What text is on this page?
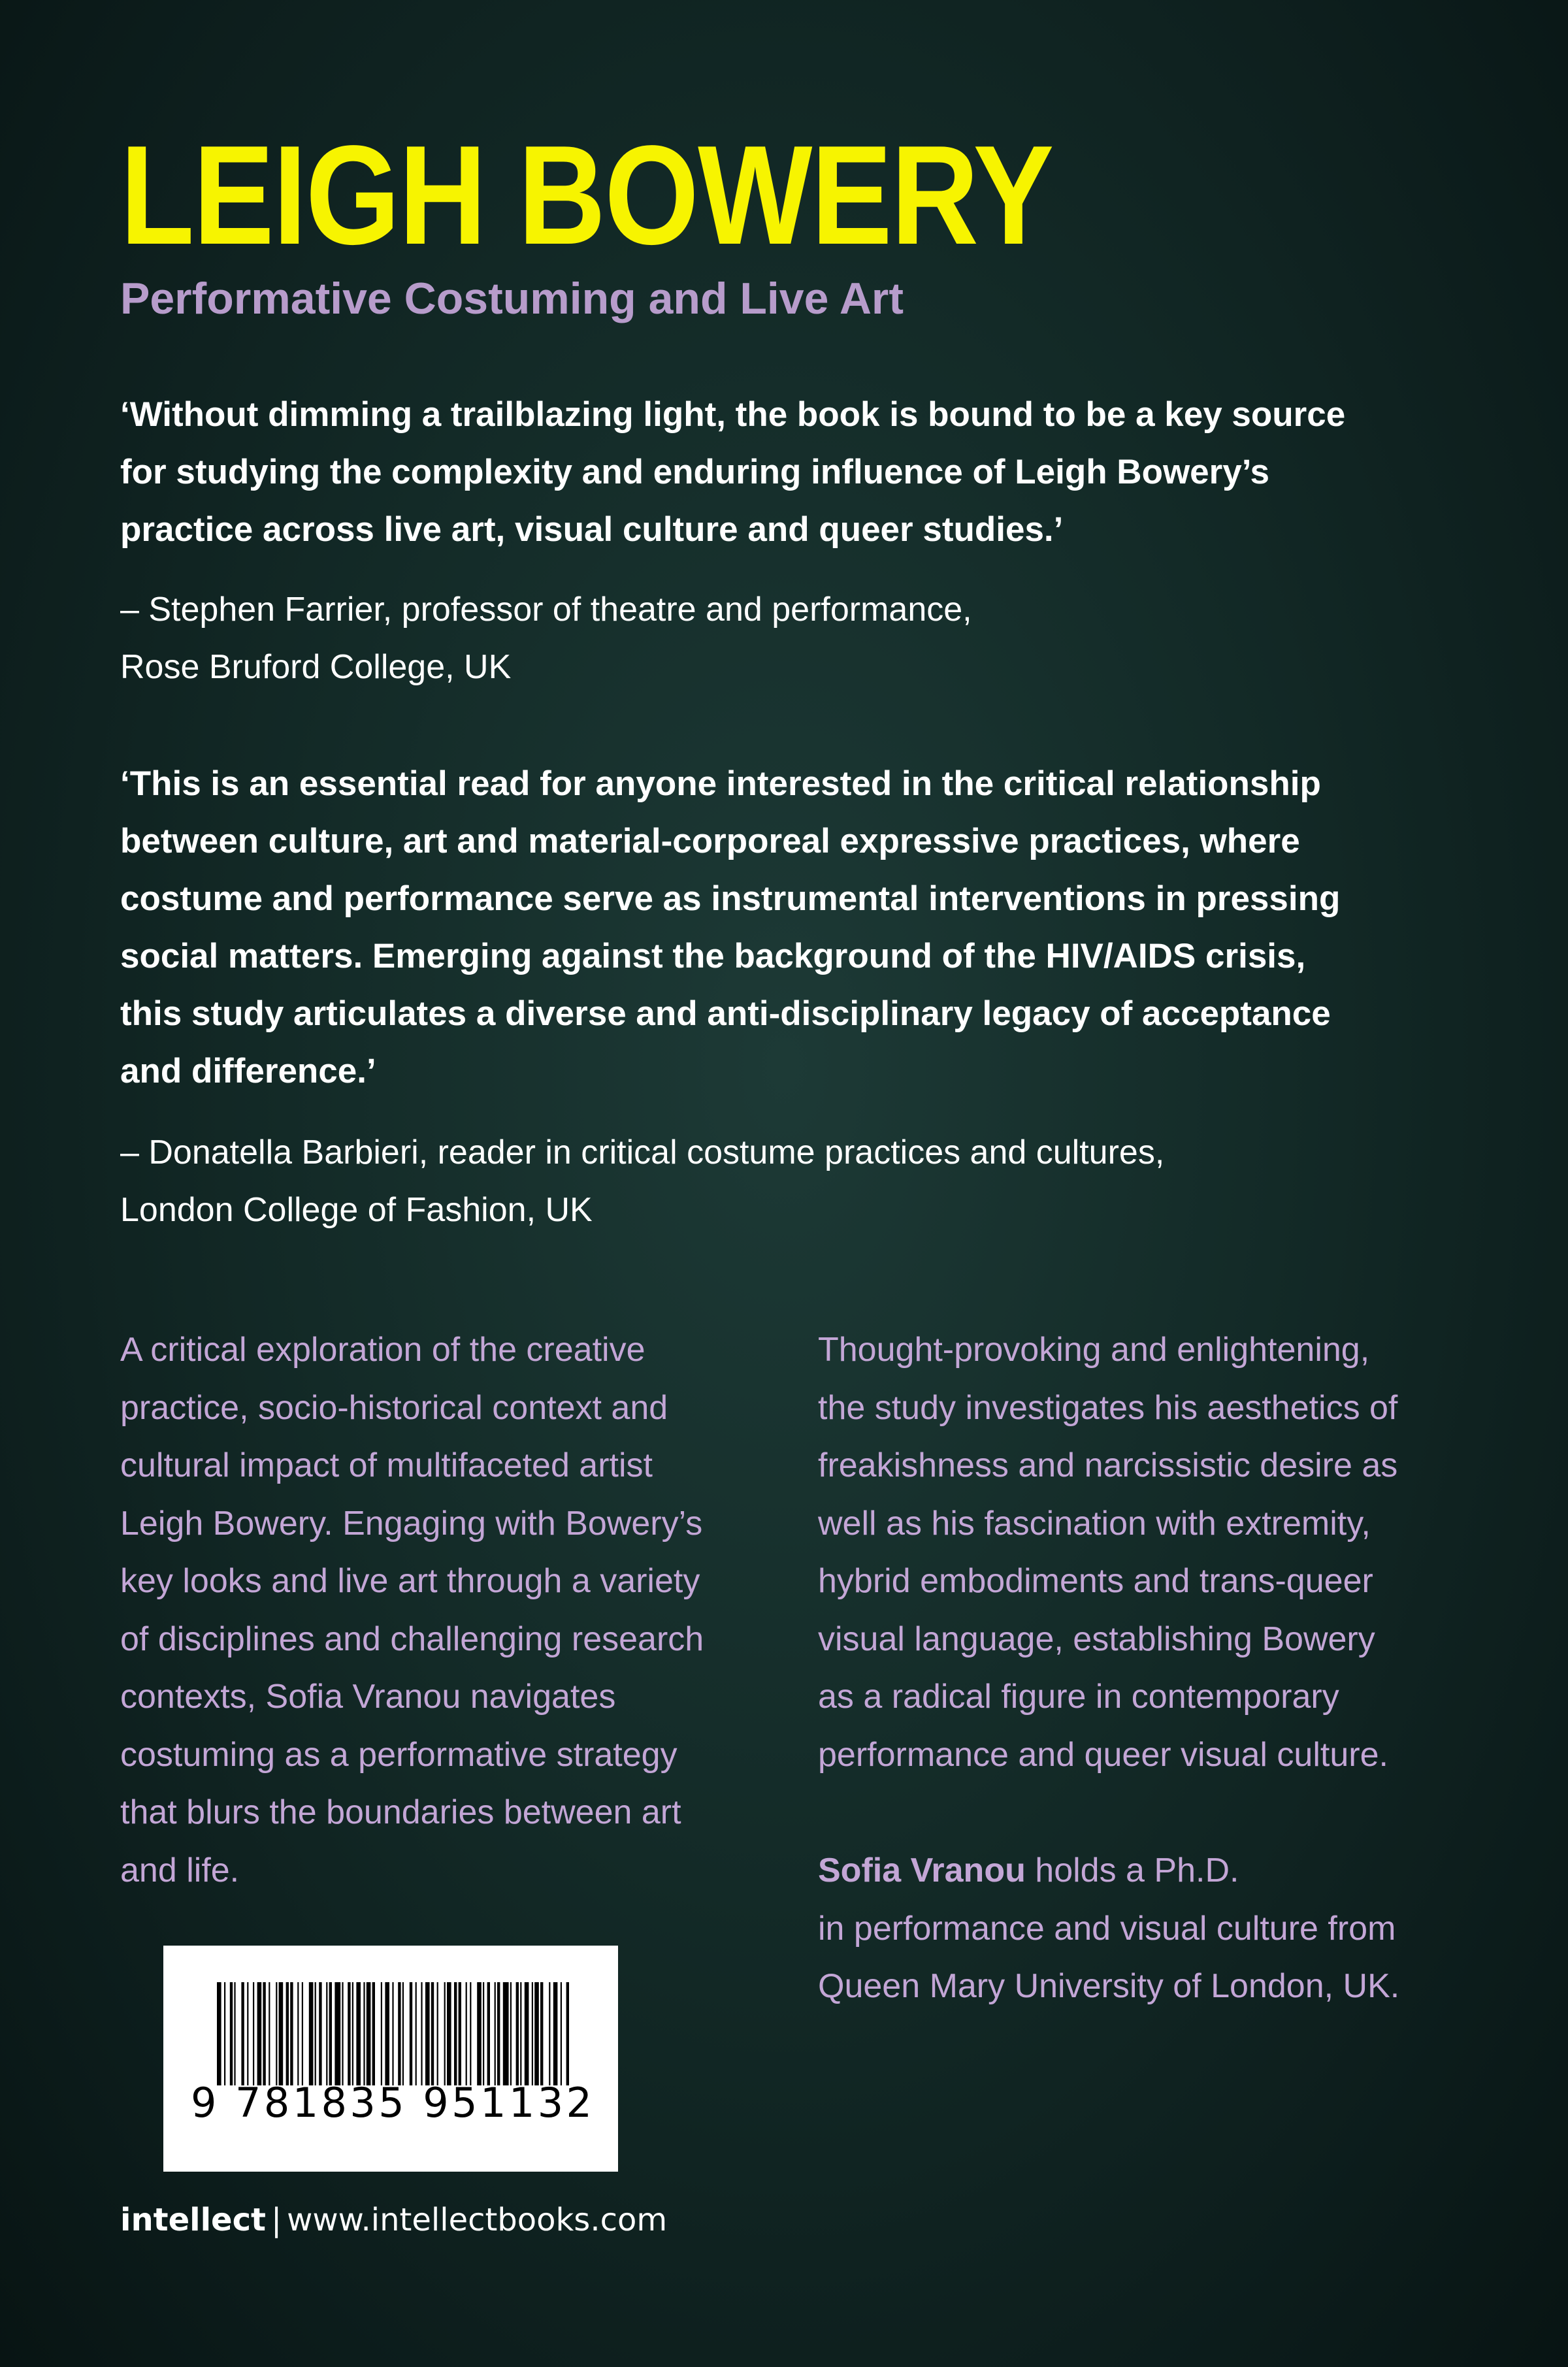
LEIGH BOWERY
Performative Costuming and Live Art
‘Without dimming a trailblazing light, the book is bound to be a key source
for studying the complexity and enduring influence of Leigh Bowery’s
practice across live art, visual culture and queer studies.’
– Stephen Farrier, professor of theatre and performance,
Rose Bruford College, UK
‘This is an essential read for anyone interested in the critical relationship
between culture, art and material-corporeal expressive practices, where
costume and performance serve as instrumental interventions in pressing
social matters. Emerging against the background of the HIV/AIDS crisis,
this study articulates a diverse and anti-disciplinary legacy of acceptance
and difference.’
– Donatella Barbieri, reader in critical costume practices and cultures,
London College of Fashion, UK
A critical exploration of the creative
practice, socio-historical context and
cultural impact of multifaceted artist
Leigh Bowery. Engaging with Bowery’s
key looks and live art through a variety
of disciplines and challenging research
contexts, Sofia Vranou navigates
costuming as a performative strategy
that blurs the boundaries between art
and life.
Thought-provoking and enlightening,
the study investigates his aesthetics of
freakishness and narcissistic desire as
well as his fascination with extremity,
hybrid embodiments and trans-queer
visual language, establishing Bowery
as a radical figure in contemporary
performance and queer visual culture.
Sofia Vranou holds a Ph.D.
in performance and visual culture from
Queen Mary University of London, UK.
9 781835 951132
intellect | www.intellectbooks.com
